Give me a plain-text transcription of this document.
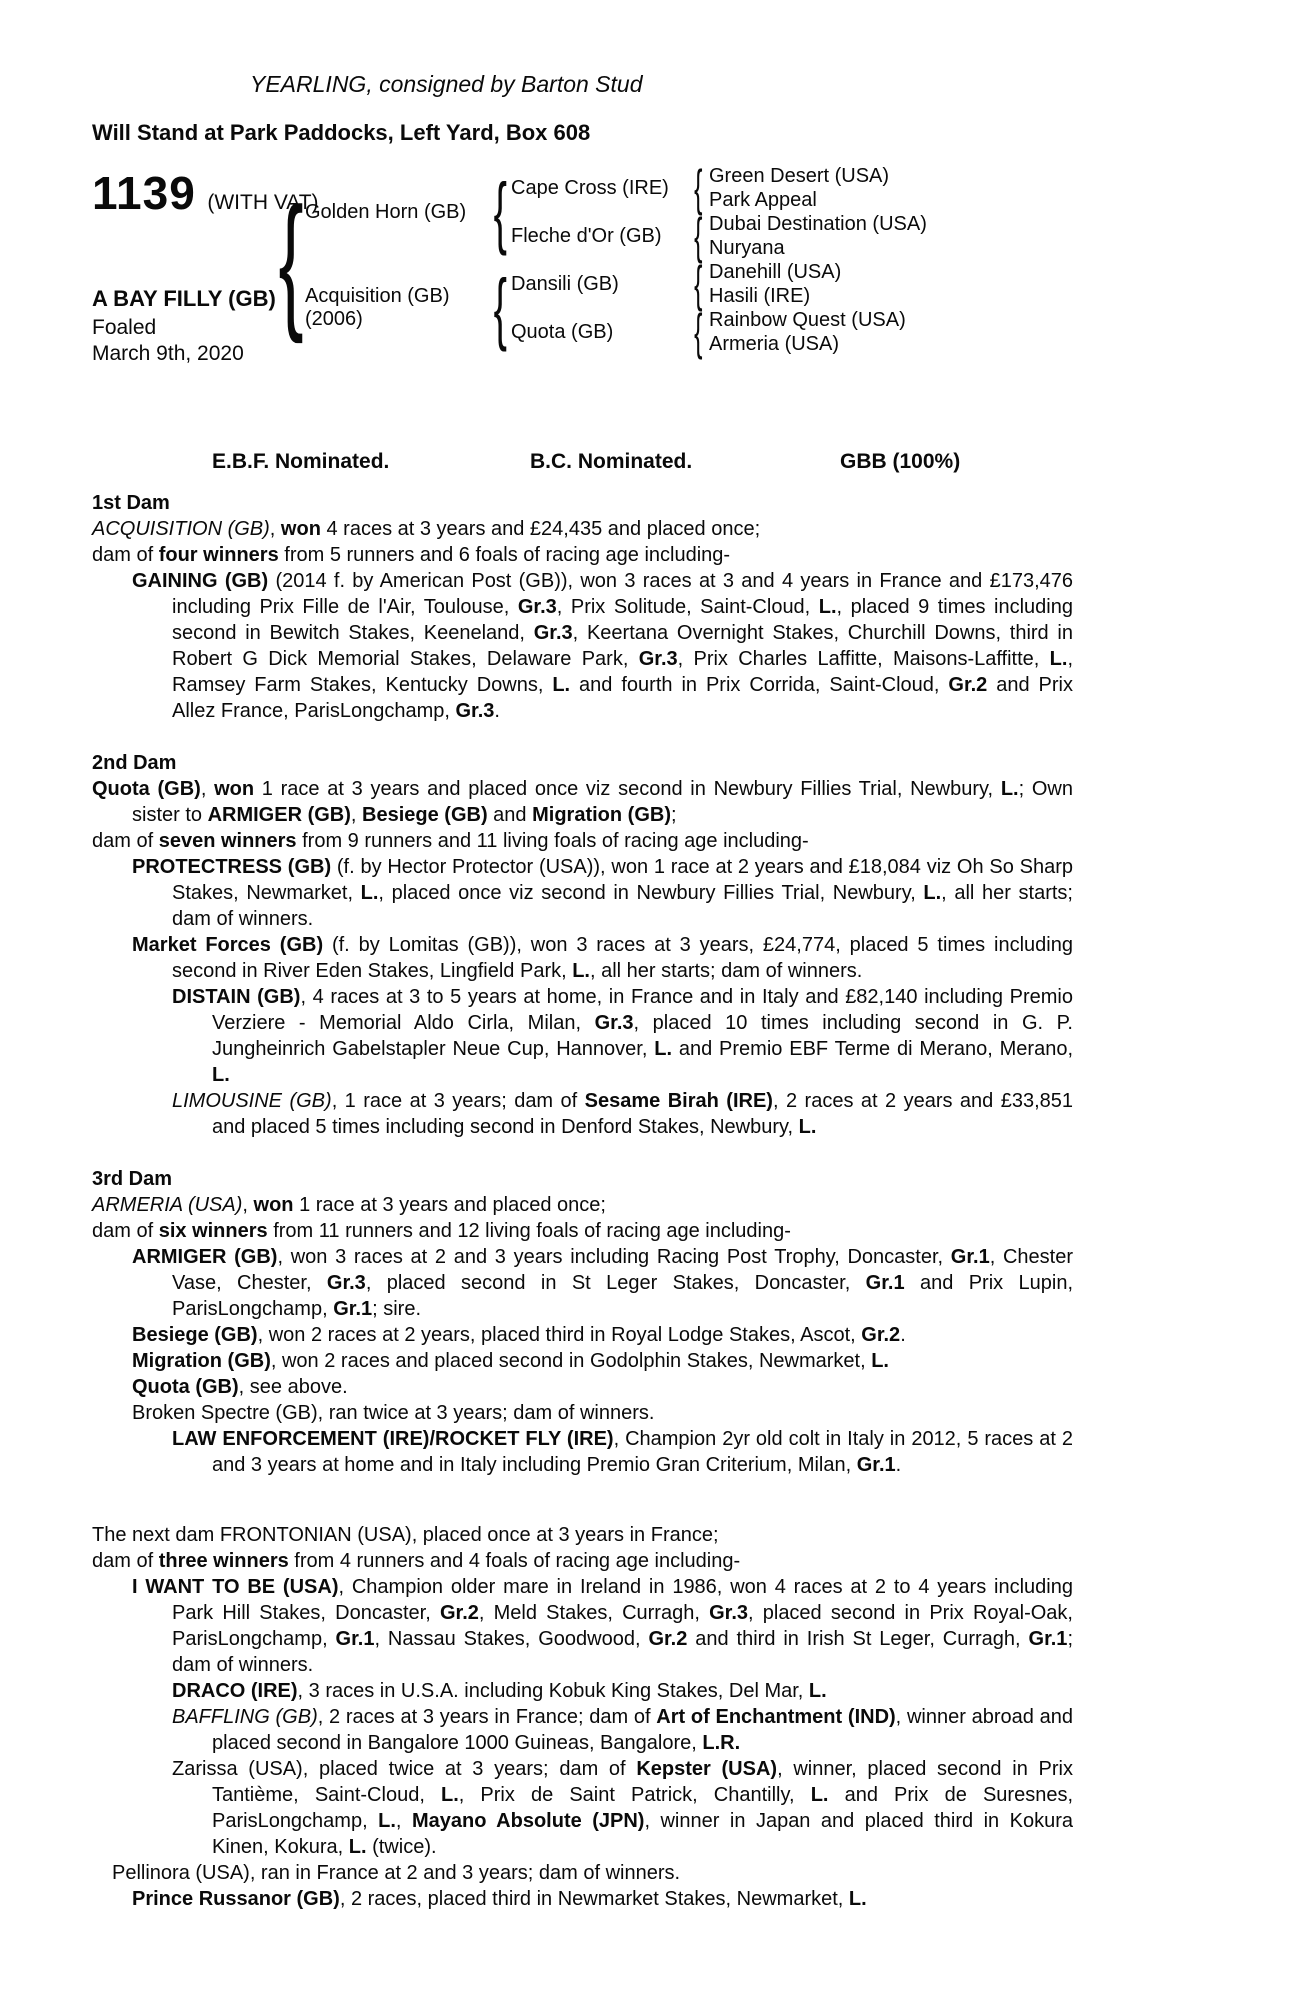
YEARLING, consigned by Barton Stud
Will Stand at Park Paddocks, Left Yard, Box 608
1139 (WITH VAT)
A BAY FILLY (GB)
Foaled
March 9th, 2020
{ Golden Horn (GB)
Acquisition (GB)
(2006)
{
{
Cape Cross (IRE)
Fleche d'Or (GB)
Dansili (GB)
Quota (GB)
{
{
{
{
Green Desert (USA)
Park Appeal
Dubai Destination (USA)
Nuryana
Danehill (USA)
Hasili (IRE)
Rainbow Quest (USA)
Armeria (USA)
E.B.F. Nominated.	B.C. Nominated.	GBB (100%)
1st Dam
ACQUISITION (GB), won 4 races at 3 years and £24,435 and placed once;
dam of four winners from 5 runners and 6 foals of racing age including-
GAINING (GB) (2014 f. by American Post (GB)), won 3 races at 3 and 4 years in France and £173,476 including Prix Fille de l'Air, Toulouse, Gr.3, Prix Solitude, Saint-Cloud, L., placed 9 times including second in Bewitch Stakes, Keeneland, Gr.3, Keertana Overnight Stakes, Churchill Downs, third in Robert G Dick Memorial Stakes, Delaware Park, Gr.3, Prix Charles Laffitte, Maisons-Laffitte, L., Ramsey Farm Stakes, Kentucky Downs, L. and fourth in Prix Corrida, Saint-Cloud, Gr.2 and Prix Allez France, ParisLongchamp, Gr.3.
2nd Dam
Quota (GB), won 1 race at 3 years and placed once viz second in Newbury Fillies Trial, Newbury, L.; Own sister to ARMIGER (GB), Besiege (GB) and Migration (GB);
dam of seven winners from 9 runners and 11 living foals of racing age including-
PROTECTRESS (GB) (f. by Hector Protector (USA)), won 1 race at 2 years and £18,084 viz Oh So Sharp Stakes, Newmarket, L., placed once viz second in Newbury Fillies Trial, Newbury, L., all her starts; dam of winners.
Market Forces (GB) (f. by Lomitas (GB)), won 3 races at 3 years, £24,774, placed 5 times including second in River Eden Stakes, Lingfield Park, L., all her starts; dam of winners.
DISTAIN (GB), 4 races at 3 to 5 years at home, in France and in Italy and £82,140 including Premio Verziere - Memorial Aldo Cirla, Milan, Gr.3, placed 10 times including second in G. P. Jungheinrich Gabelstapler Neue Cup, Hannover, L. and Premio EBF Terme di Merano, Merano, L.
LIMOUSINE (GB), 1 race at 3 years; dam of Sesame Birah (IRE), 2 races at 2 years and £33,851 and placed 5 times including second in Denford Stakes, Newbury, L.
3rd Dam
ARMERIA (USA), won 1 race at 3 years and placed once;
dam of six winners from 11 runners and 12 living foals of racing age including-
ARMIGER (GB), won 3 races at 2 and 3 years including Racing Post Trophy, Doncaster, Gr.1, Chester Vase, Chester, Gr.3, placed second in St Leger Stakes, Doncaster, Gr.1 and Prix Lupin, ParisLongchamp, Gr.1; sire.
Besiege (GB), won 2 races at 2 years, placed third in Royal Lodge Stakes, Ascot, Gr.2.
Migration (GB), won 2 races and placed second in Godolphin Stakes, Newmarket, L.
Quota (GB), see above.
Broken Spectre (GB), ran twice at 3 years; dam of winners.
LAW ENFORCEMENT (IRE)/ROCKET FLY (IRE), Champion 2yr old colt in Italy in 2012, 5 races at 2 and 3 years at home and in Italy including Premio Gran Criterium, Milan, Gr.1.
The next dam FRONTONIAN (USA), placed once at 3 years in France;
dam of three winners from 4 runners and 4 foals of racing age including-
I WANT TO BE (USA), Champion older mare in Ireland in 1986, won 4 races at 2 to 4 years including Park Hill Stakes, Doncaster, Gr.2, Meld Stakes, Curragh, Gr.3, placed second in Prix Royal-Oak, ParisLongchamp, Gr.1, Nassau Stakes, Goodwood, Gr.2 and third in Irish St Leger, Curragh, Gr.1; dam of winners.
DRACO (IRE), 3 races in U.S.A. including Kobuk King Stakes, Del Mar, L.
BAFFLING (GB), 2 races at 3 years in France; dam of Art of Enchantment (IND), winner abroad and placed second in Bangalore 1000 Guineas, Bangalore, L.R.
Zarissa (USA), placed twice at 3 years; dam of Kepster (USA), winner, placed second in Prix Tantième, Saint-Cloud, L., Prix de Saint Patrick, Chantilly, L. and Prix de Suresnes, ParisLongchamp, L., Mayano Absolute (JPN), winner in Japan and placed third in Kokura Kinen, Kokura, L. (twice).
Pellinora (USA), ran in France at 2 and 3 years; dam of winners.
Prince Russanor (GB), 2 races, placed third in Newmarket Stakes, Newmarket, L.
